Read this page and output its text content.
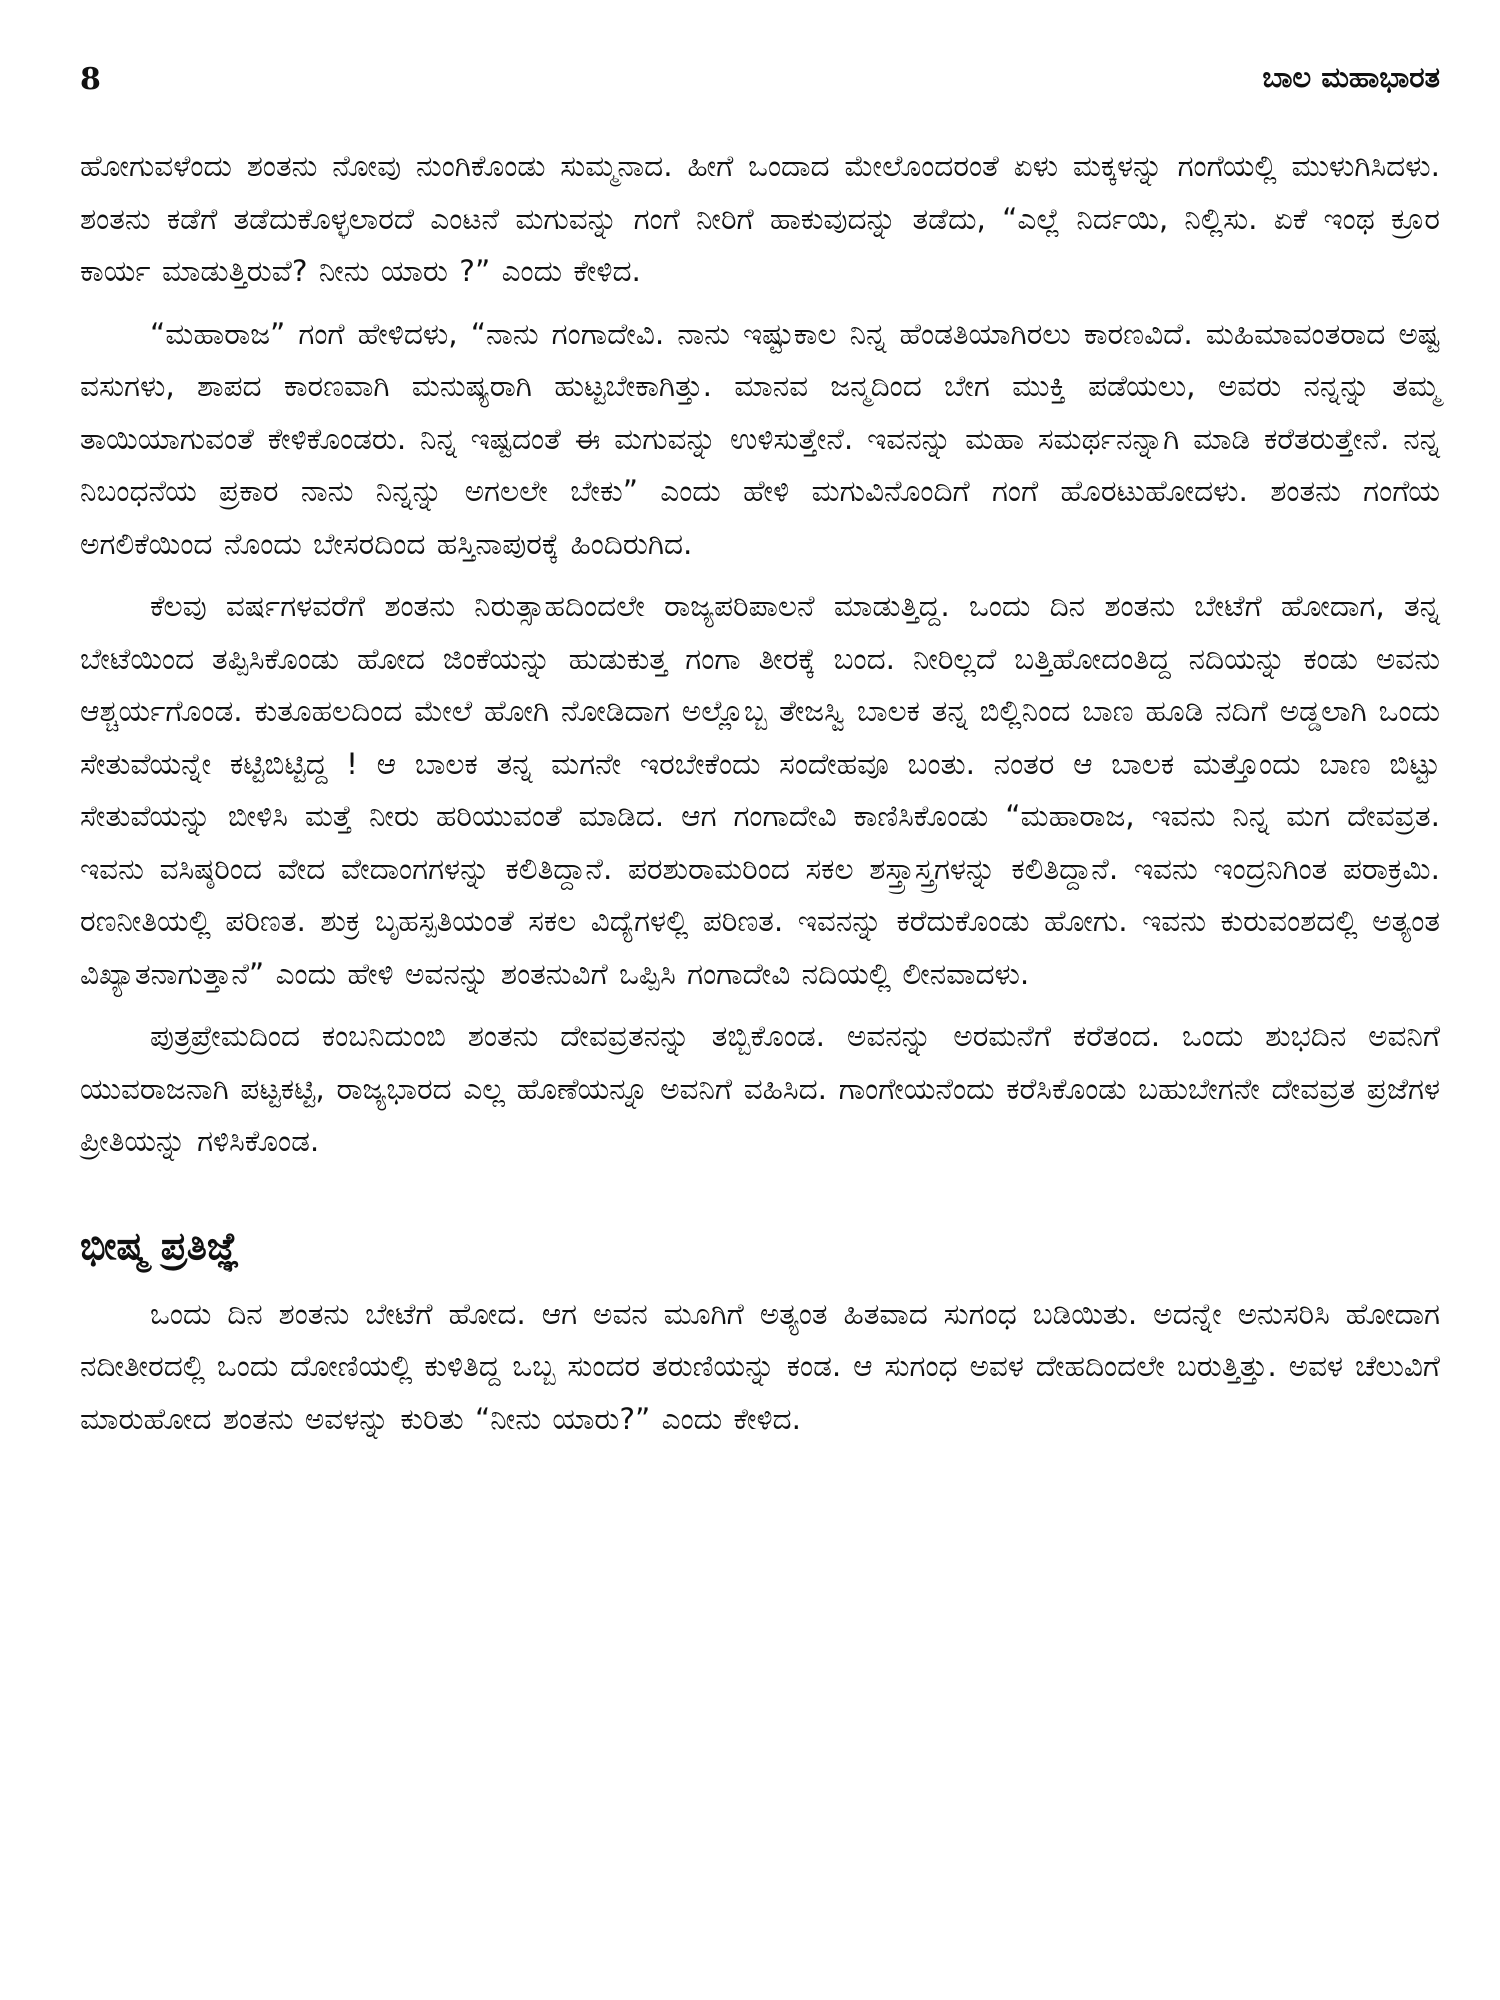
8	ಬಾಲ ಮಹಾಭಾರತ

ಹೋಗುವಳೆಂದು ಶಂತನು ನೋವು ನುಂಗಿಕೊಂಡು ಸುಮ್ಮನಾದ. ಹೀಗೆ ಒಂದಾದ ಮೇಲೊಂದರಂತೆ ಏಳು ಮಕ್ಕಳನ್ನು ಗಂಗೆಯಲ್ಲಿ ಮುಳುಗಿಸಿದಳು. ಶಂತನು ಕಡೆಗೆ ತಡೆದುಕೊಳ್ಳಲಾರದೆ ಎಂಟನೆ ಮಗುವನ್ನು ಗಂಗೆ ನೀರಿಗೆ ಹಾಕುವುದನ್ನು ತಡೆದು, “ಎಲ್ಲೆ ನಿರ್ದಯಿ, ನಿಲ್ಲಿಸು. ಏಕೆ ಇಂಥ ಕ್ರೂರ ಕಾರ್ಯ ಮಾಡುತ್ತಿರುವೆ? ನೀನು ಯಾರು ?” ಎಂದು ಕೇಳಿದ.

“ಮಹಾರಾಜ” ಗಂಗೆ ಹೇಳಿದಳು, “ನಾನು ಗಂಗಾದೇವಿ. ನಾನು ಇಷ್ಟುಕಾಲ ನಿನ್ನ ಹೆಂಡತಿಯಾಗಿರಲು ಕಾರಣವಿದೆ. ಮಹಿಮಾವಂತರಾದ ಅಷ್ಟ ವಸುಗಳು, ಶಾಪದ ಕಾರಣವಾಗಿ ಮನುಷ್ಯರಾಗಿ ಹುಟ್ಟಬೇಕಾಗಿತ್ತು. ಮಾನವ ಜನ್ಮದಿಂದ ಬೇಗ ಮುಕ್ತಿ ಪಡೆಯಲು, ಅವರು ನನ್ನನ್ನು ತಮ್ಮ ತಾಯಿಯಾಗುವಂತೆ ಕೇಳಿಕೊಂಡರು. ನಿನ್ನ ಇಷ್ಟದಂತೆ ಈ ಮಗುವನ್ನು ಉಳಿಸುತ್ತೇನೆ. ಇವನನ್ನು ಮಹಾ ಸಮರ್ಥನನ್ನಾಗಿ ಮಾಡಿ ಕರೆತರುತ್ತೇನೆ. ನನ್ನ ನಿಬಂಧನೆಯ ಪ್ರಕಾರ ನಾನು ನಿನ್ನನ್ನು ಅಗಲಲೇ ಬೇಕು” ಎಂದು ಹೇಳಿ ಮಗುವಿನೊಂದಿಗೆ ಗಂಗೆ ಹೊರಟುಹೋದಳು. ಶಂತನು ಗಂಗೆಯ ಅಗಲಿಕೆಯಿಂದ ನೊಂದು ಬೇಸರದಿಂದ ಹಸ್ತಿನಾಪುರಕ್ಕೆ ಹಿಂದಿರುಗಿದ.

ಕೆಲವು ವರ್ಷಗಳವರೆಗೆ ಶಂತನು ನಿರುತ್ಸಾಹದಿಂದಲೇ ರಾಜ್ಯಪರಿಪಾಲನೆ ಮಾಡುತ್ತಿದ್ದ. ಒಂದು ದಿನ ಶಂತನು ಬೇಟೆಗೆ ಹೋದಾಗ, ತನ್ನ ಬೇಟೆಯಿಂದ ತಪ್ಪಿಸಿಕೊಂಡು ಹೋದ ಜಿಂಕೆಯನ್ನು ಹುಡುಕುತ್ತ ಗಂಗಾ ತೀರಕ್ಕೆ ಬಂದ. ನೀರಿಲ್ಲದೆ ಬತ್ತಿಹೋದಂತಿದ್ದ ನದಿಯನ್ನು ಕಂಡು ಅವನು ಆಶ್ಚರ್ಯಗೊಂಡ. ಕುತೂಹಲದಿಂದ ಮೇಲೆ ಹೋಗಿ ನೋಡಿದಾಗ ಅಲ್ಲೊಬ್ಬ ತೇಜಸ್ವಿ ಬಾಲಕ ತನ್ನ ಬಿಲ್ಲಿನಿಂದ ಬಾಣ ಹೂಡಿ ನದಿಗೆ ಅಡ್ಡಲಾಗಿ ಒಂದು ಸೇತುವೆಯನ್ನೇ ಕಟ್ಟಿಬಿಟ್ಟಿದ್ದ ! ಆ ಬಾಲಕ ತನ್ನ ಮಗನೇ ಇರಬೇಕೆಂದು ಸಂದೇಹವೂ ಬಂತು. ನಂತರ ಆ ಬಾಲಕ ಮತ್ತೊಂದು ಬಾಣ ಬಿಟ್ಟು ಸೇತುವೆಯನ್ನು ಬೀಳಿಸಿ ಮತ್ತೆ ನೀರು ಹರಿಯುವಂತೆ ಮಾಡಿದ. ಆಗ ಗಂಗಾದೇವಿ ಕಾಣಿಸಿಕೊಂಡು “ಮಹಾರಾಜ, ಇವನು ನಿನ್ನ ಮಗ ದೇವವ್ರತ. ಇವನು ವಸಿಷ್ಠರಿಂದ ವೇದ ವೇದಾಂಗಗಳನ್ನು ಕಲಿತಿದ್ದಾನೆ. ಪರಶುರಾಮರಿಂದ ಸಕಲ ಶಸ್ತ್ರಾಸ್ತ್ರಗಳನ್ನು ಕಲಿತಿದ್ದಾನೆ. ಇವನು ಇಂದ್ರನಿಗಿಂತ ಪರಾಕ್ರಮಿ. ರಣನೀತಿಯಲ್ಲಿ ಪರಿಣತ. ಶುಕ್ರ ಬೃಹಸ್ಪತಿಯಂತೆ ಸಕಲ ವಿದ್ಯೆಗಳಲ್ಲಿ ಪರಿಣತ. ಇವನನ್ನು ಕರೆದುಕೊಂಡು ಹೋಗು. ಇವನು ಕುರುವಂಶದಲ್ಲಿ ಅತ್ಯಂತ ವಿಖ್ಯಾತನಾಗುತ್ತಾನೆ” ಎಂದು ಹೇಳಿ ಅವನನ್ನು ಶಂತನುವಿಗೆ ಒಪ್ಪಿಸಿ ಗಂಗಾದೇವಿ ನದಿಯಲ್ಲಿ ಲೀನವಾದಳು.

ಪುತ್ರಪ್ರೇಮದಿಂದ ಕಂಬನಿದುಂಬಿ ಶಂತನು ದೇವವ್ರತನನ್ನು ತಬ್ಬಿಕೊಂಡ. ಅವನನ್ನು ಅರಮನೆಗೆ ಕರೆತಂದ. ಒಂದು ಶುಭದಿನ ಅವನಿಗೆ ಯುವರಾಜನಾಗಿ ಪಟ್ಟಕಟ್ಟಿ, ರಾಜ್ಯಭಾರದ ಎಲ್ಲ ಹೊಣೆಯನ್ನೂ ಅವನಿಗೆ ವಹಿಸಿದ. ಗಾಂಗೇಯನೆಂದು ಕರೆಸಿಕೊಂಡು ಬಹುಬೇಗನೇ ದೇವವ್ರತ ಪ್ರಜೆಗಳ ಪ್ರೀತಿಯನ್ನು ಗಳಿಸಿಕೊಂಡ.

ಭೀಷ್ಮ ಪ್ರತಿಜ್ಞೆ

ಒಂದು ದಿನ ಶಂತನು ಬೇಟೆಗೆ ಹೋದ. ಆಗ ಅವನ ಮೂಗಿಗೆ ಅತ್ಯಂತ ಹಿತವಾದ ಸುಗಂಧ ಬಡಿಯಿತು. ಅದನ್ನೇ ಅನುಸರಿಸಿ ಹೋದಾಗ ನದೀತೀರದಲ್ಲಿ ಒಂದು ದೋಣಿಯಲ್ಲಿ ಕುಳಿತಿದ್ದ ಒಬ್ಬ ಸುಂದರ ತರುಣಿಯನ್ನು ಕಂಡ. ಆ ಸುಗಂಧ ಅವಳ ದೇಹದಿಂದಲೇ ಬರುತ್ತಿತ್ತು. ಅವಳ ಚೆಲುವಿಗೆ ಮಾರುಹೋದ ಶಂತನು ಅವಳನ್ನು ಕುರಿತು “ನೀನು ಯಾರು?” ಎಂದು ಕೇಳಿದ.
